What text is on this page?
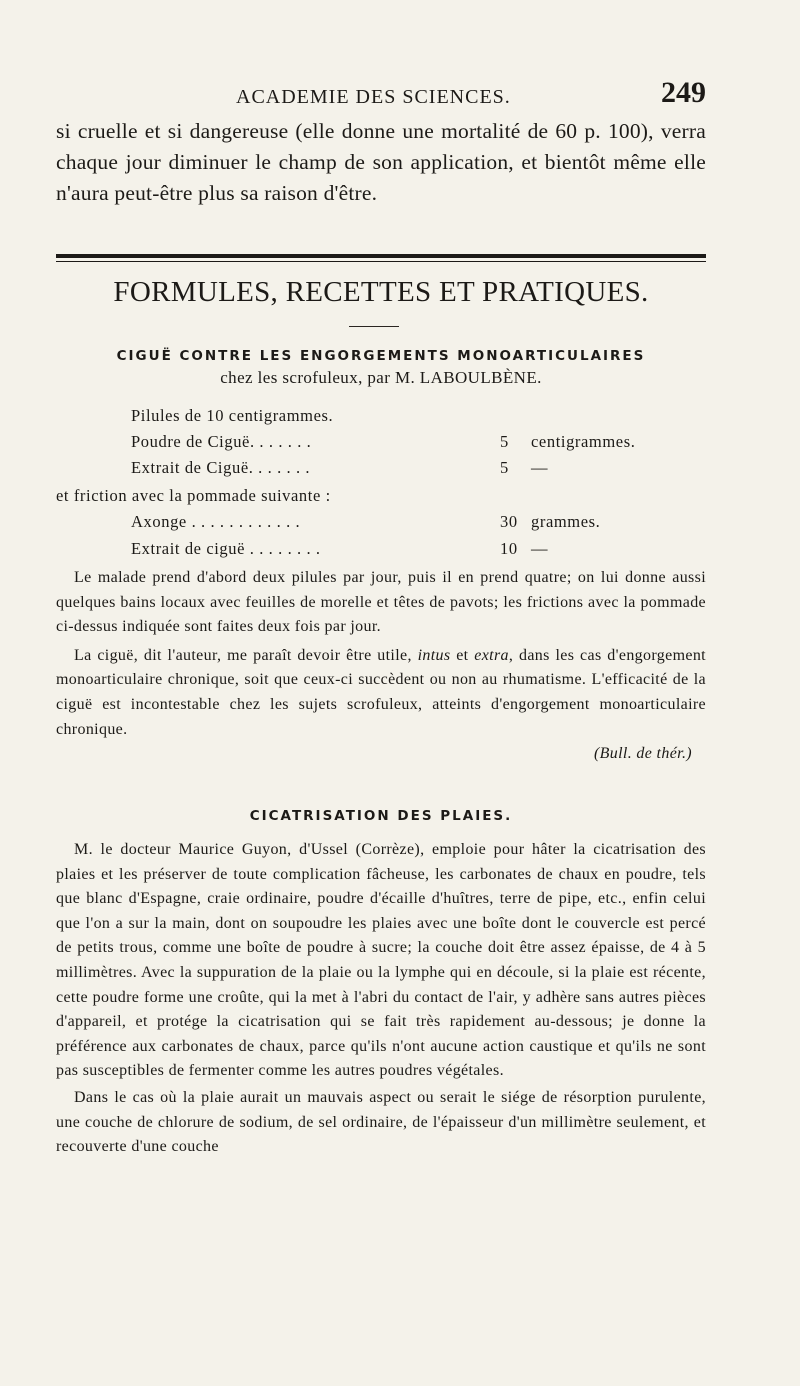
ACADEMIE DES SCIENCES.	249

si cruelle et si dangereuse (elle donne une mortalité de 60 p. 100), verra chaque jour diminuer le champ de son application, et bientôt même elle n'aura peut-être plus sa raison d'être.

FORMULES, RECETTES ET PRATIQUES.
CIGUË CONTRE LES ENGORGEMENTS MONOARTICULAIRES
chez les scrofuleux, par M. LABOULBÈNE.
Pilules de 10 centigrammes.
Poudre de Ciguë. . . . . . .	5 centigrammes.
Extrait de Ciguë. . . . . . .	5 —
et friction avec la pommade suivante :
Axonge . . . . . . . . . . . .	30 grammes.
Extrait de ciguë . . . . . . . .	10 —

Le malade prend d'abord deux pilules par jour, puis il en prend quatre; on lui donne aussi quelques bains locaux avec feuilles de morelle et têtes de pavots; les frictions avec la pommade ci-dessus indiquée sont faites deux fois par jour.

La ciguë, dit l'auteur, me paraît devoir être utile, intus et extra, dans les cas d'engorgement monoarticulaire chronique, soit que ceux-ci succèdent ou non au rhumatisme. L'efficacité de la ciguë est incontestable chez les sujets scrofuleux, atteints d'engorgement monoarticulaire chronique.

(Bull. de thér.)
CICATRISATION DES PLAIES.

M. le docteur Maurice Guyon, d'Ussel (Corrèze), emploie pour hâter la cicatrisation des plaies et les préserver de toute complication fâcheuse, les carbonates de chaux en poudre, tels que blanc d'Espagne, craie ordinaire, poudre d'écaille d'huîtres, terre de pipe, etc., enfin celui que l'on a sur la main, dont on soupoudre les plaies avec une boîte dont le couvercle est percé de petits trous, comme une boîte de poudre à sucre; la couche doit être assez épaisse, de 4 à 5 millimètres. Avec la suppuration de la plaie ou la lymphe qui en découle, si la plaie est récente, cette poudre forme une croûte, qui la met à l'abri du contact de l'air, y adhère sans autres pièces d'appareil, et protége la cicatrisation qui se fait très rapidement au-dessous; je donne la préférence aux carbonates de chaux, parce qu'ils n'ont aucune action caustique et qu'ils ne sont pas susceptibles de fermenter comme les autres poudres végétales.

Dans le cas où la plaie aurait un mauvais aspect ou serait le siége de résorption purulente, une couche de chlorure de sodium, de sel ordinaire, de l'épaisseur d'un millimètre seulement, et recouverte d'une couche
